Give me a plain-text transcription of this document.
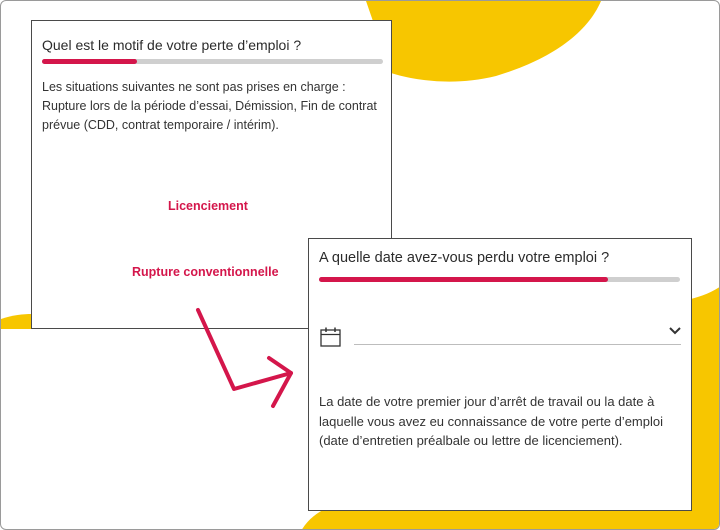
Quel est le motif de votre perte d’emploi ?
Les situations suivantes ne sont pas prises en charge : Rupture lors de la période d’essai, Démission, Fin de contrat prévue (CDD, contrat temporaire / intérim).
Licenciement
Rupture conventionnelle
A quelle date avez-vous perdu votre emploi ?
La date de votre premier jour d’arrêt de travail ou la date à laquelle vous avez eu connaissance de votre perte d’emploi (date d’entretien préalbale ou lettre de licenciement).
